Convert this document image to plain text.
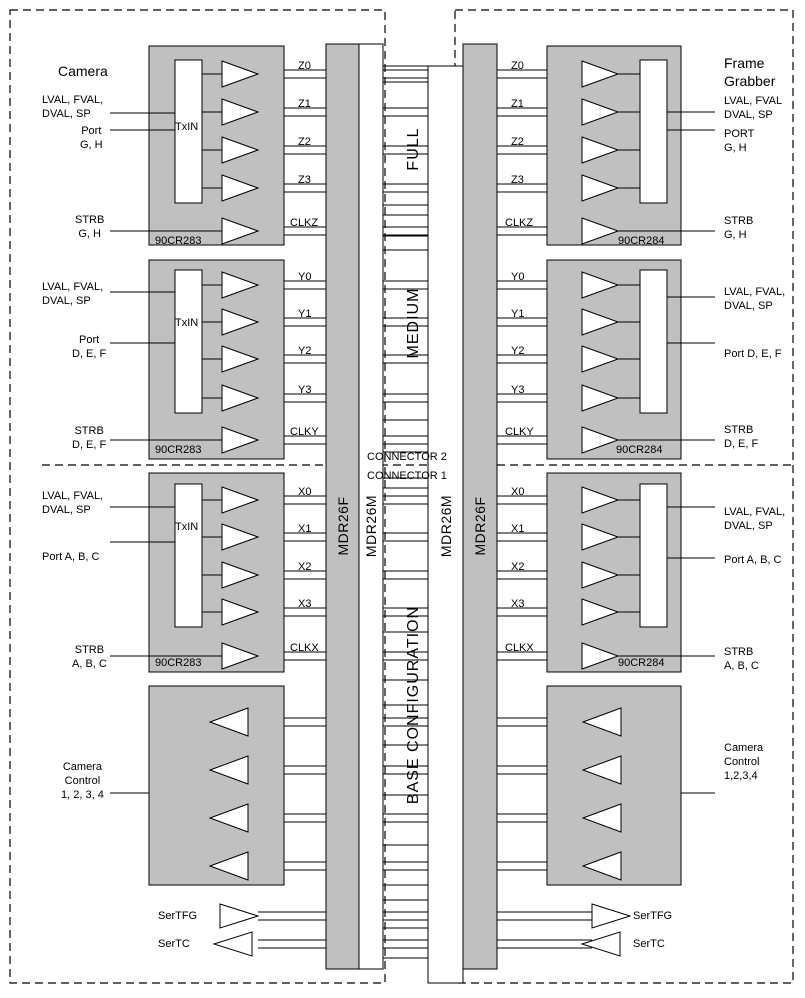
Camera	Frame
Grabber
CONNECTOR 2
CONNECTOR 1
MDR26F MDR26M	MDR26M MDR26F
FULL
MEDIUM
BASE CONFIGURATION
LVAL, FVAL,
DVAL, SP
Port
G, H
STRB
G, H
LVAL, FVAL,
DVAL, SP
Port
D, E, F
STRB
D, E, F
LVAL, FVAL,
DVAL, SP
Port A, B, C
STRB
A, B, C
Camera
Control
1, 2, 3, 4
SerTFG
SerTC
LVAL, FVAL
DVAL, SP
PORT
G, H
STRB
G, H
LVAL, FVAL,
DVAL, SP
Port D, E, F
STRB
D, E, F
LVAL, FVAL,
DVAL, SP
Port A, B, C
STRB
A, B, C
Camera
Control
1,2,3,4
SerTFG
SerTC
90CR283
90CR283
90CR283
90CR284
90CR284
90CR284
TxIN
TxIN
TxIN
Z0	Z0
Z1	Z1
Z2	Z2
Z3	Z3
CLKZ	CLKZ
Y0	Y0
Y1	Y1
Y2	Y2
Y3	Y3
CLKY	CLKY
X0	X0
X1	X1
X2	X2
X3	X3
CLKX	CLKX
